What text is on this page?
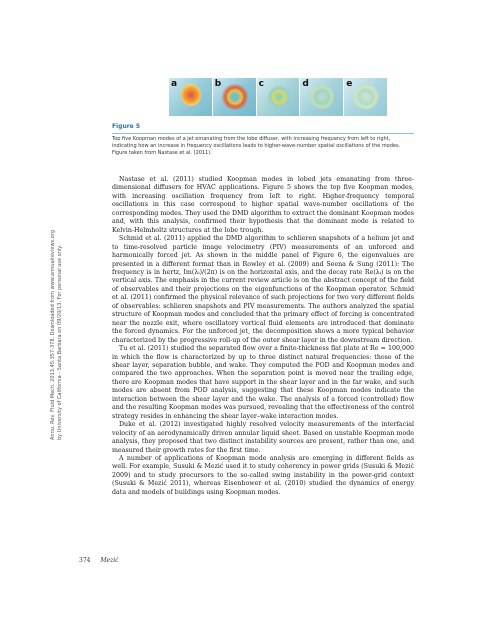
a	b	c	d	e
Figure 5
Top five Koopman modes of a jet emanating from the lobe diffuser, with increasing frequency from left to right, indicating how an increase in frequency oscillations leads to higher-wave-number spatial oscillations of the modes. Figure taken from Nastase et al. (2011).
Annu. Rev. Fluid Mech. 2013.45:357-378. Downloaded from www.annualreviews.org by University of California - Santa Barbara on 09/20/13. For personal use only.

Nastase et al. (2011) studied Koopman modes in lobed jets emanating from three-dimensional diffusers for HVAC applications. Figure 5 shows the top five Koopman modes, with increasing oscillation frequency from left to right. Higher-frequency temporal oscillations in this case correspond to higher spatial wave-number oscillations of the corresponding modes. They used the DMD algorithm to extract the dominant Koopman modes and, with this analysis, confirmed their hypothesis that the dominant mode is related to Kelvin-Helmholtz structures at the lobe trough.

Schmid et al. (2011) applied the DMD algorithm to schlieren snapshots of a helium jet and to time-resolved particle image velocimetry (PIV) measurements of an unforced and harmonically forced jet. As shown in the middle panel of Figure 6, the eigenvalues are presented in a different format than in Rowley et al. (2009) and Seena & Sung (2011): The frequency is in hertz, Im(λᵢ)/(2π) is on the horizontal axis, and the decay rate Re(λᵢ) is on the vertical axis. The emphasis in the current review article is on the abstract concept of the field of observables and their projections on the eigenfunctions of the Koopman operator. Schmid et al. (2011) confirmed the physical relevance of such projections for two very different fields of observables: schlieren snapshots and PIV measurements. The authors analyzed the spatial structure of Koopman modes and concluded that the primary effect of forcing is concentrated near the nozzle exit, where oscillatory vortical fluid elements are introduced that dominate the forced dynamics. For the unforced jet, the decomposition shows a more typical behavior characterized by the progressive roll-up of the outer shear layer in the downstream direction.

Tu et al. (2011) studied the separated flow over a finite-thickness flat plate at Re = 100,000 in which the flow is characterized by up to three distinct natural frequencies: those of the shear layer, separation bubble, and wake. They computed the POD and Koopman modes and compared the two approaches. When the separation point is moved near the trailing edge, there are Koopman modes that have support in the shear layer and in the far wake, and such modes are absent from POD analysis, suggesting that these Koopman modes indicate the interaction between the shear layer and the wake. The analysis of a forced (controlled) flow and the resulting Koopman modes was pursued, revealing that the effectiveness of the control strategy resides in enhancing the shear layer–wake interaction modes.

Duke et al. (2012) investigated highly resolved velocity measurements of the interfacial velocity of an aerodynamically driven annular liquid sheet. Based on unstable Koopman mode analysis, they proposed that two distinct instability sources are present, rather than one, and measured their growth rates for the first time.

A number of applications of Koopman mode analysis are emerging in different fields as well. For example, Susuki & Mezić used it to study coherency in power grids (Susuki & Mezić 2009) and to study precursors to the so-called swing instability in the power-grid context (Susuki & Mezić 2011), whereas Eisenhower et al. (2010) studied the dynamics of energy data and models of buildings using Koopman modes.

374 Mezić
